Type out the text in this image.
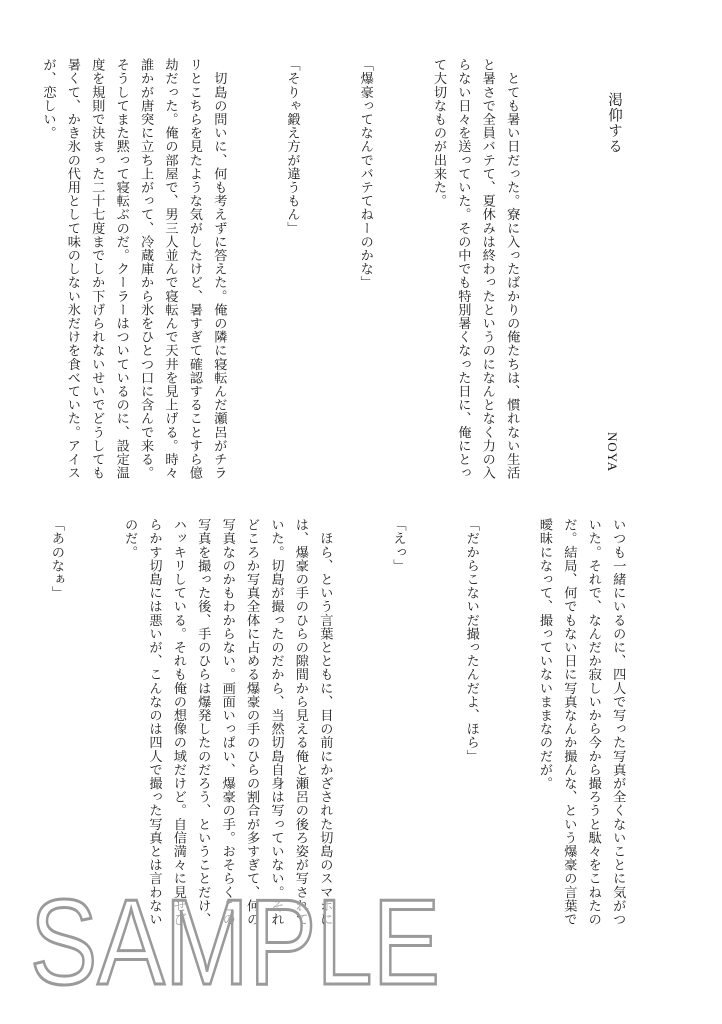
渇仰する
NOYA

　とても暑い日だった。寮に入ったばかりの俺たちは、慣れない生活と暑さで全員バテて、夏休みは終わったというのになんとなく力の入らない日々を送っていた。その中でも特別暑くなった日に、俺にとって大切なものが出来た。

「爆豪ってなんでバテてねーのかな」

「そりゃ鍛え方が違うもん」

　切島の問いに、何も考えずに答えた。俺の隣に寝転んだ瀬呂がチラリとこちらを見たような気がしたけど、暑すぎて確認することすら億劫だった。俺の部屋で、男三人並んで寝転んで天井を見上げる。時々誰かが唐突に立ち上がって、冷蔵庫から氷をひとつ口に含んで来る。そうしてまた黙って寝転ぶのだ。クーラーはついているのに、設定温度を規則で決まった二十七度までしか下げられないせいでどうしても暑くて、かき氷の代用として味のしない氷だけを食べていた。アイスが、恋しい。

いつも一緒にいるのに、四人で写った写真が全くないことに気がついた。それで、なんだか寂しいから今から撮ろうと駄々をこねたのだ。結局、何でもない日に写真なんか撮んな、という爆豪の言葉で曖昧になって、撮っていないままなのだが。

「だからこないだ撮ったんだよ、ほら」

「えっ」

　ほら、という言葉とともに、目の前にかざされた切島のスマホには、爆豪の手のひらの隙間から見える俺と瀬呂の後ろ姿が写されていた。切島が撮ったのだから、当然切島自身は写っていない。それどころか写真全体に占める爆豪の手のひらの割合が多すぎて、何の写真なのかもわからない。画面いっぱい、爆豪の手。おそらくこの写真を撮った後、手のひらは爆発したのだろう、ということだけ、ハッキリしている。それも俺の想像の域だけど。自信満々に見せびらかす切島には悪いが、こんなのは四人で撮った写真とは言わないのだ。

「あのなぁ」

SAMPLE
